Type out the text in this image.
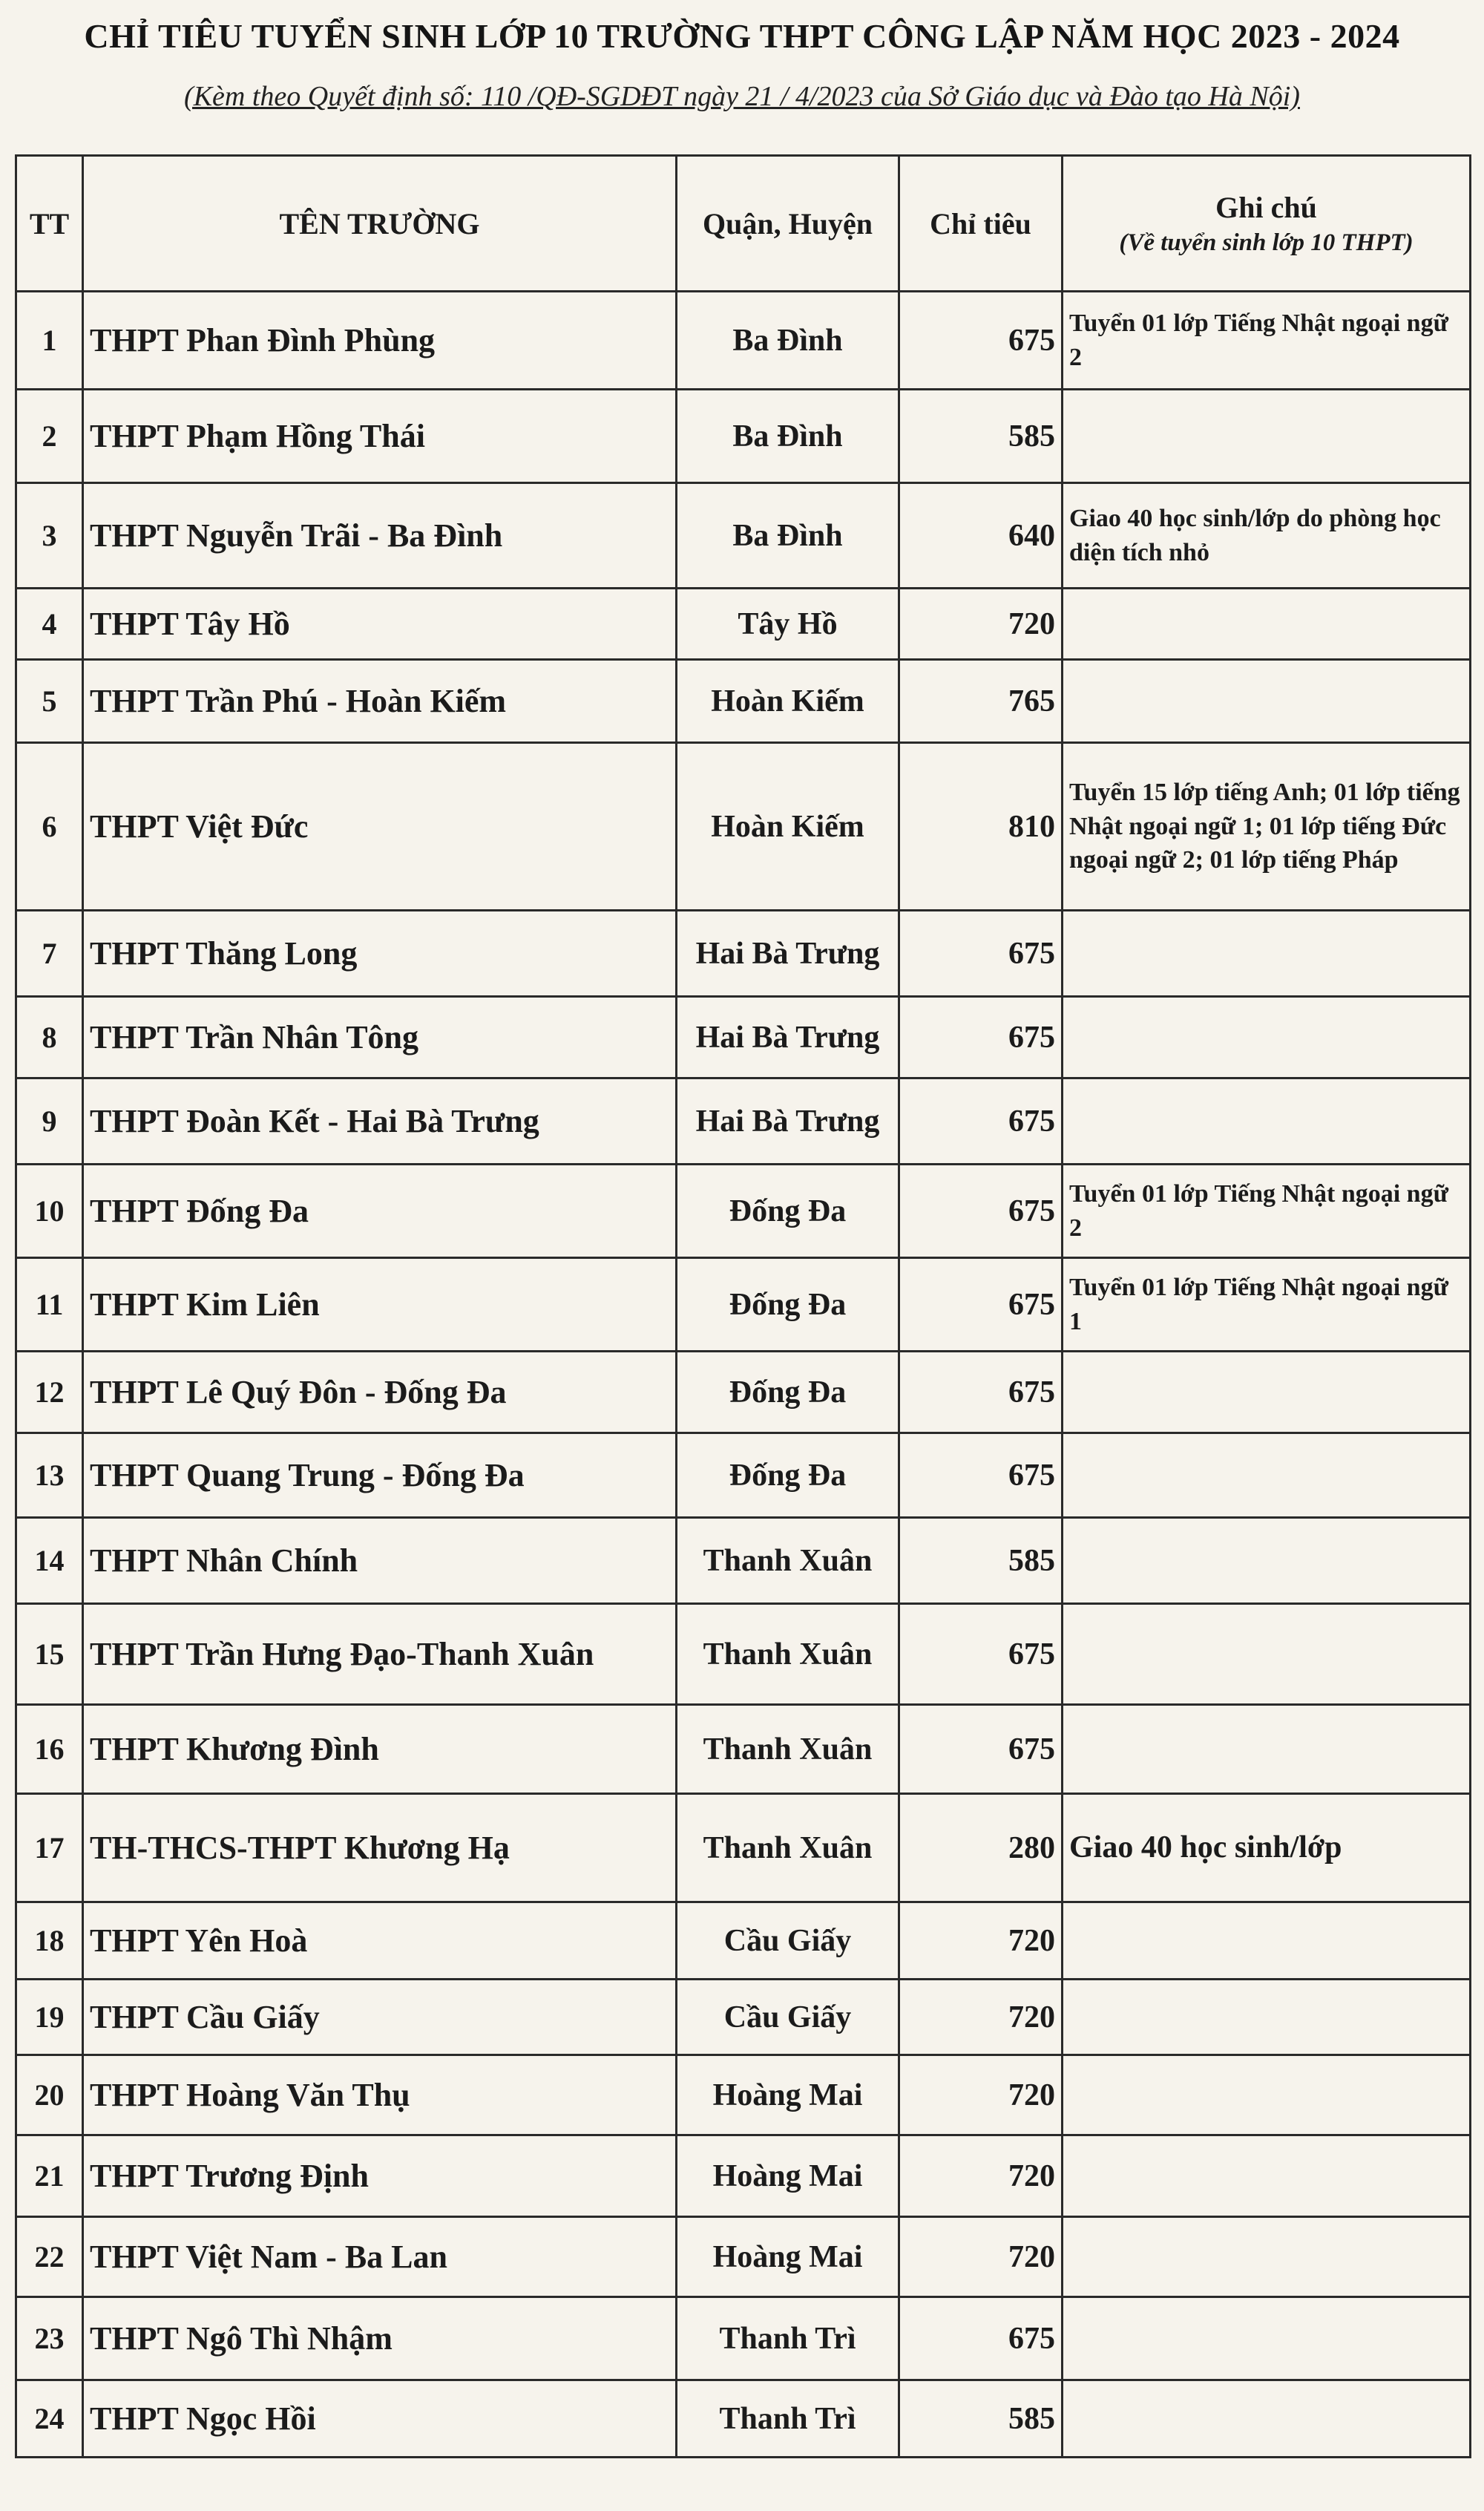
CHỈ TIÊU TUYỂN SINH LỚP 10 TRƯỜNG THPT CÔNG LẬP NĂM HỌC 2023 - 2024
(Kèm theo Quyết định số: 110 /QĐ-SGDĐT ngày 21 / 4/2023 của Sở Giáo dục và Đào tạo Hà Nội)
TT	TÊN TRƯỜNG	Quận, Huyện	Chỉ tiêu	Ghi chú
(Về tuyển sinh lớp 10 THPT)

1	THPT Phan Đình Phùng	Ba Đình	675	Tuyển 01 lớp Tiếng Nhật ngoại ngữ 2
2	THPT Phạm Hồng Thái	Ba Đình	585	
3	THPT Nguyễn Trãi - Ba Đình	Ba Đình	640	Giao 40 học sinh/lớp do phòng học diện tích nhỏ
4	THPT Tây Hồ	Tây Hồ	720	
5	THPT Trần Phú - Hoàn Kiếm	Hoàn Kiếm	765	
6	THPT Việt Đức	Hoàn Kiếm	810	Tuyển 15 lớp tiếng Anh; 01 lớp tiếng Nhật ngoại ngữ 1; 01 lớp tiếng Đức ngoại ngữ 2; 01 lớp tiếng Pháp
7	THPT Thăng Long	Hai Bà Trưng	675	
8	THPT Trần Nhân Tông	Hai Bà Trưng	675	
9	THPT Đoàn Kết - Hai Bà Trưng	Hai Bà Trưng	675	
10	THPT Đống Đa	Đống Đa	675	Tuyển 01 lớp Tiếng Nhật ngoại ngữ 2
11	THPT Kim Liên	Đống Đa	675	Tuyển 01 lớp Tiếng Nhật ngoại ngữ 1
12	THPT Lê Quý Đôn - Đống Đa	Đống Đa	675	
13	THPT Quang Trung - Đống Đa	Đống Đa	675	
14	THPT Nhân Chính	Thanh Xuân	585	
15	THPT Trần Hưng Đạo-Thanh Xuân	Thanh Xuân	675	
16	THPT Khương Đình	Thanh Xuân	675	
17	TH-THCS-THPT Khương Hạ	Thanh Xuân	280	Giao 40 học sinh/lớp
18	THPT Yên Hoà	Cầu Giấy	720	
19	THPT Cầu Giấy	Cầu Giấy	720	
20	THPT Hoàng Văn Thụ	Hoàng Mai	720	
21	THPT Trương Định	Hoàng Mai	720	
22	THPT Việt Nam - Ba Lan	Hoàng Mai	720	
23	THPT Ngô Thì Nhậm	Thanh Trì	675	
24	THPT Ngọc Hồi	Thanh Trì	585	
